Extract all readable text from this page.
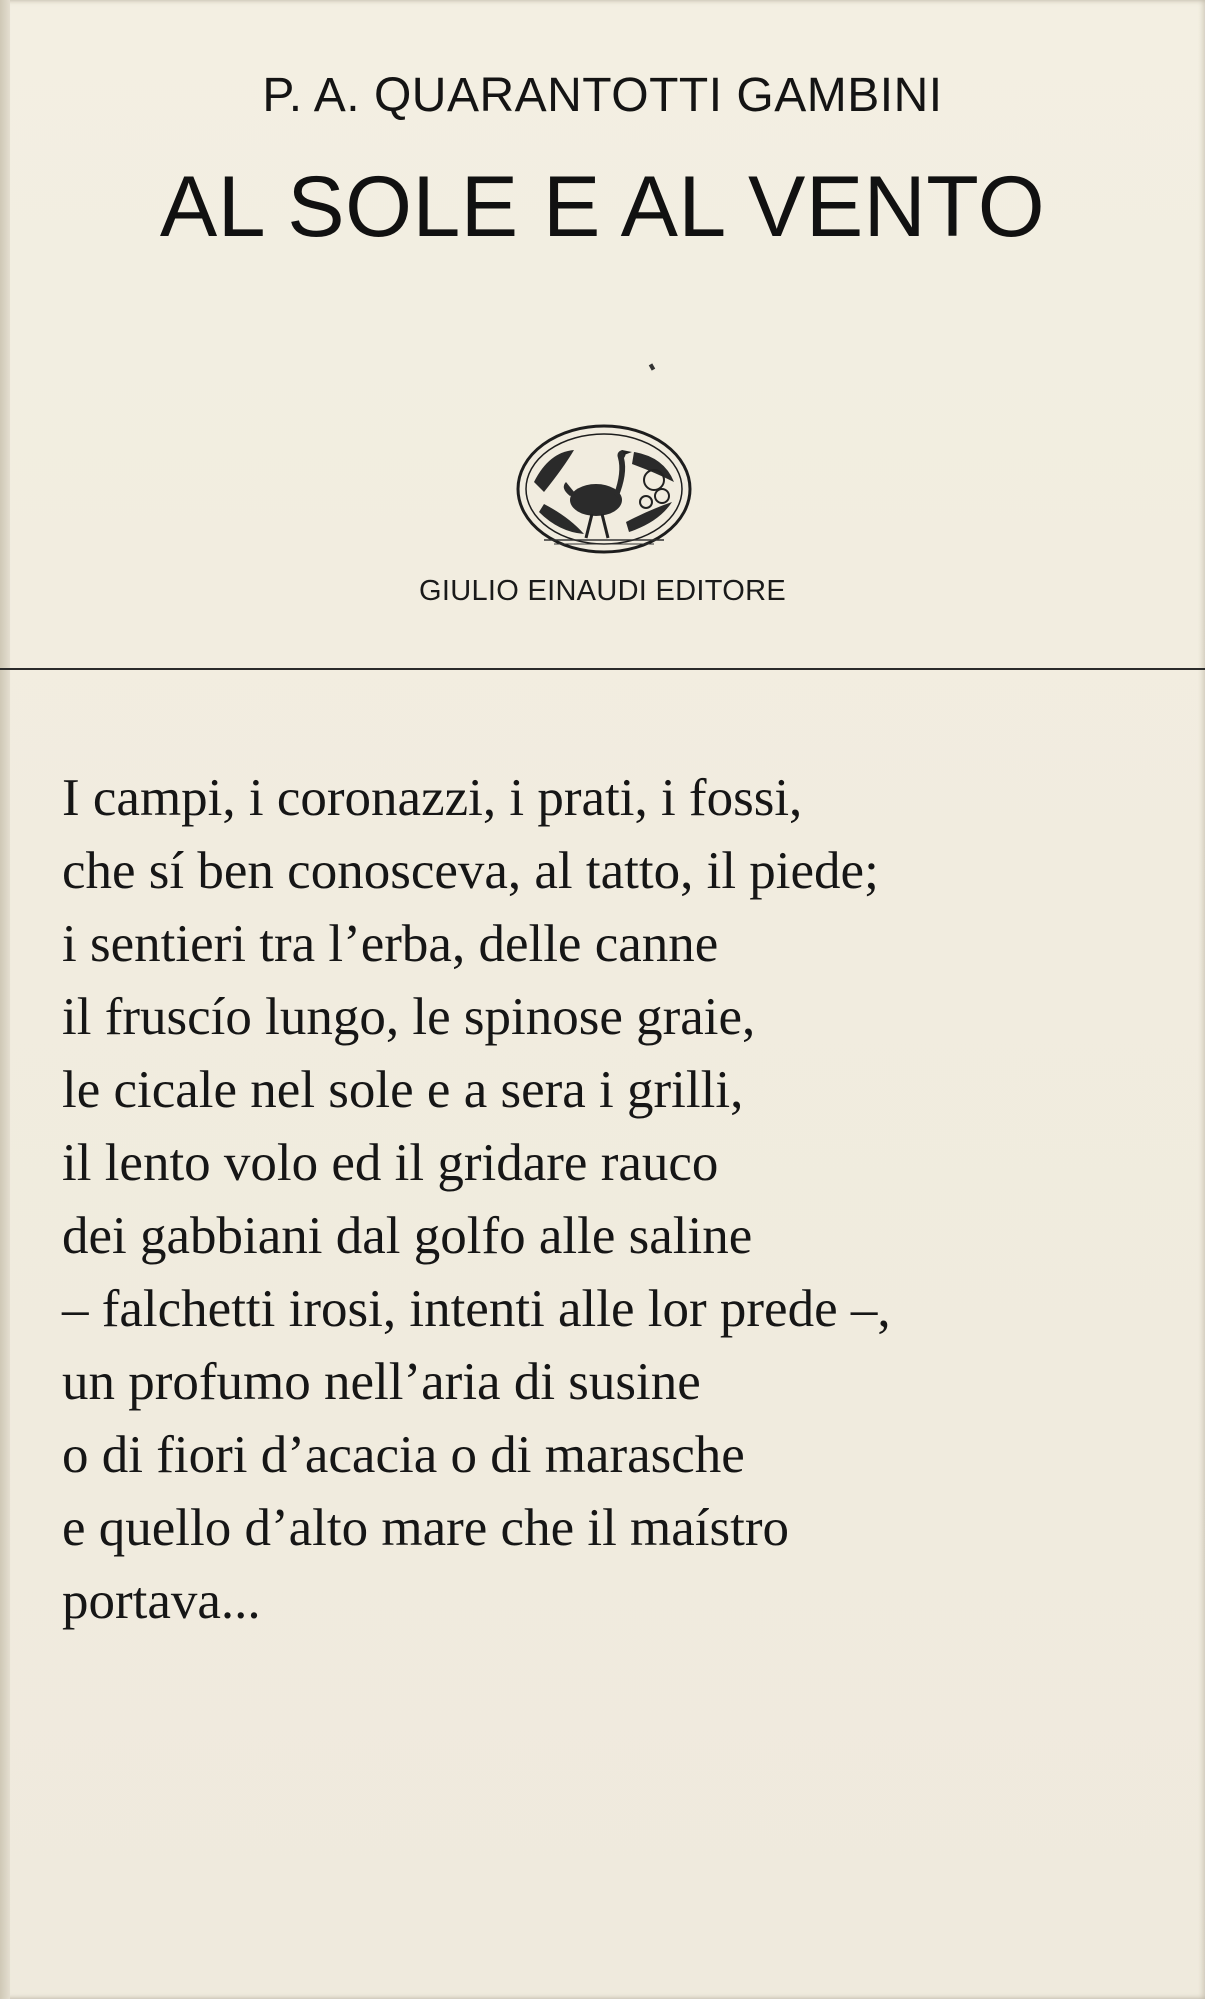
P. A. QUARANTOTTI GAMBINI
AL SOLE E AL VENTO
GIULIO EINAUDI EDITORE
I campi, i coronazzi, i prati, i fossi,
che sí ben conosceva, al tatto, il piede;
i sentieri tra l’erba, delle canne
il fruscío lungo, le spinose graie,
le cicale nel sole e a sera i grilli,
il lento volo ed il gridare rauco
dei gabbiani dal golfo alle saline
– falchetti irosi, intenti alle lor prede –,
un profumo nell’aria di susine
o di fiori d’acacia o di marasche
e quello d’alto mare che il maístro
portava...
